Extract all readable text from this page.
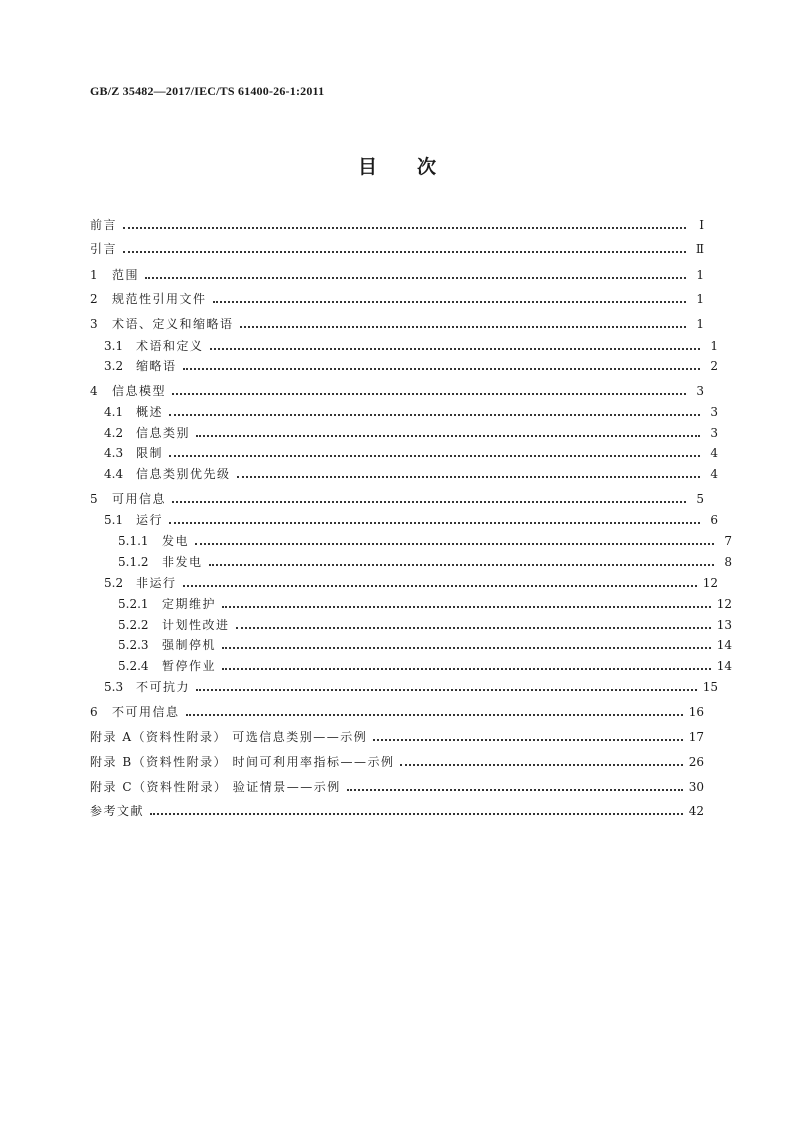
GB/Z 35482—2017/IEC/TS 61400-26-1:2011
目次
前言	Ⅰ
引言	Ⅱ
1	范围	1
2	规范性引用文件	1
3	术语、定义和缩略语	1
3.1	术语和定义	1
3.2	缩略语	2
4	信息模型	3
4.1	概述	3
4.2	信息类别	3
4.3	限制	4
4.4	信息类别优先级	4
5	可用信息	5
5.1	运行	6
5.1.1	发电	7
5.1.2	非发电	8
5.2	非运行	12
5.2.1	定期维护	12
5.2.2	计划性改进	13
5.2.3	强制停机	14
5.2.4	暂停作业	14
5.3	不可抗力	15
6	不可用信息	16
附录 A（资料性附录） 可选信息类别——示例	17
附录 B（资料性附录） 时间可利用率指标——示例	26
附录 C（资料性附录） 验证情景——示例	30
参考文献	42
